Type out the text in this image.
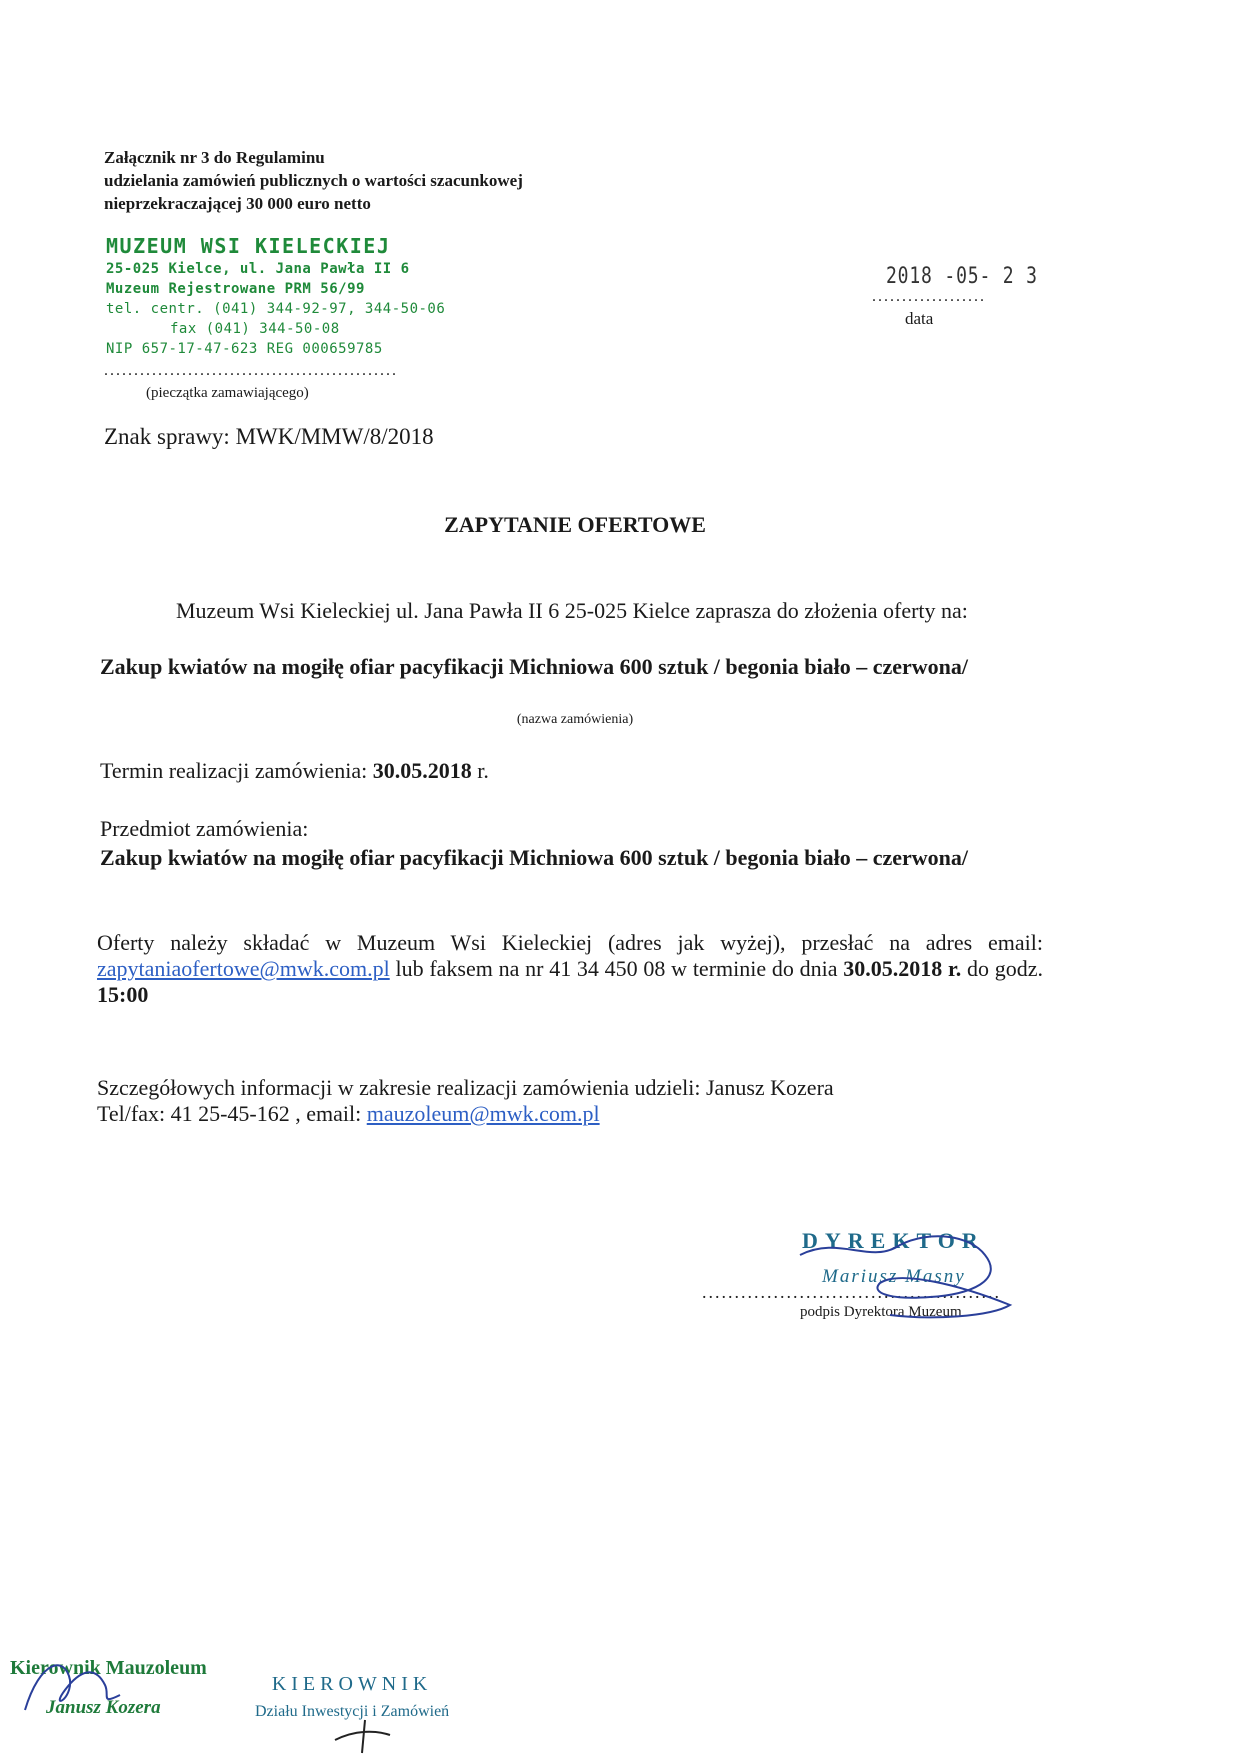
Załącznik nr 3 do Regulaminu
udzielania zamówień publicznych o wartości szacunkowej
nieprzekraczającej 30 000 euro netto
MUZEUM WSI KIELECKIEJ
25-025 Kielce, ul. Jana Pawła II 6
Muzeum Rejestrowane PRM 56/99
tel. centr. (041) 344-92-97, 344-50-06
fax (041) 344-50-08
NIP 657-17-47-623 REG 000659785
.................................................
(pieczątka zamawiającego)
2018 -05- 2 3
...................
data
Znak sprawy: MWK/MMW/8/2018
ZAPYTANIE OFERTOWE
Muzeum Wsi Kieleckiej ul. Jana Pawła II 6 25-025 Kielce zaprasza do złożenia oferty na:
Zakup kwiatów na mogiłę ofiar pacyfikacji Michniowa 600 sztuk / begonia biało – czerwona/
(nazwa zamówienia)
Termin realizacji zamówienia: 30.05.2018 r.
Przedmiot zamówienia:
Zakup kwiatów na mogiłę ofiar pacyfikacji Michniowa 600 sztuk / begonia biało – czerwona/
Oferty należy składać w Muzeum Wsi Kieleckiej (adres jak wyżej), przesłać na adres email: zapytaniaofertowe@mwk.com.pl lub faksem na nr 41 34 450 08 w terminie do dnia 30.05.2018 r. do godz. 15:00
Szczegółowych informacji w zakresie realizacji zamówienia udzieli: Janusz Kozera
Tel/fax: 41 25-45-162 , email: mauzoleum@mwk.com.pl
DYREKTOR
Mariusz Masny
..............................................
podpis Dyrektora Muzeum
Kierownik Mauzoleum
Janusz Kozera
KIEROWNIK
Działu Inwestycji i Zamówień
